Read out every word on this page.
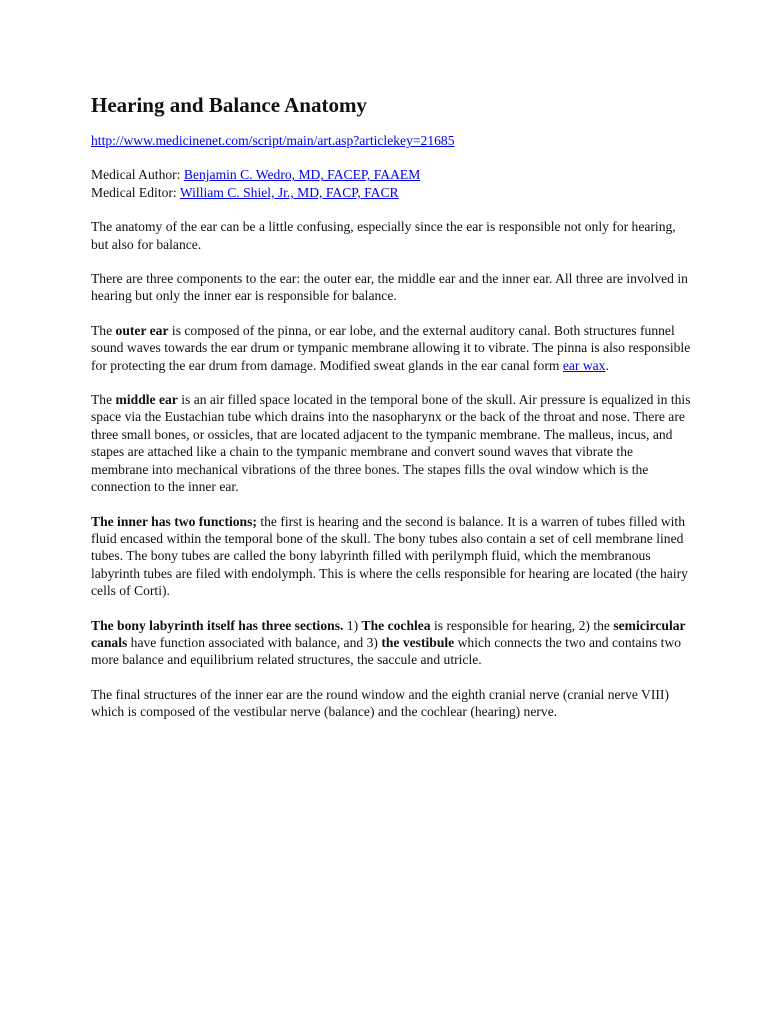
Hearing and Balance Anatomy
http://www.medicinenet.com/script/main/art.asp?articlekey=21685
Medical Author: Benjamin C. Wedro, MD, FACEP, FAAEM
Medical Editor: William C. Shiel, Jr., MD, FACP, FACR

The anatomy of the ear can be a little confusing, especially since the ear is responsible not only for hearing, but also for balance.

There are three components to the ear: the outer ear, the middle ear and the inner ear. All three are involved in hearing but only the inner ear is responsible for balance.

The outer ear is composed of the pinna, or ear lobe, and the external auditory canal. Both structures funnel sound waves towards the ear drum or tympanic membrane allowing it to vibrate. The pinna is also responsible for protecting the ear drum from damage. Modified sweat glands in the ear canal form ear wax.

The middle ear is an air filled space located in the temporal bone of the skull. Air pressure is equalized in this space via the Eustachian tube which drains into the nasopharynx or the back of the throat and nose. There are three small bones, or ossicles, that are located adjacent to the tympanic membrane. The malleus, incus, and stapes are attached like a chain to the tympanic membrane and convert sound waves that vibrate the membrane into mechanical vibrations of the three bones. The stapes fills the oval window which is the connection to the inner ear.

The inner has two functions; the first is hearing and the second is balance. It is a warren of tubes filled with fluid encased within the temporal bone of the skull. The bony tubes also contain a set of cell membrane lined tubes. The bony tubes are called the bony labyrinth filled with perilymph fluid, which the membranous labyrinth tubes are filed with endolymph. This is where the cells responsible for hearing are located (the hairy cells of Corti).

The bony labyrinth itself has three sections. 1) The cochlea is responsible for hearing, 2) the semicircular canals have function associated with balance, and 3) the vestibule which connects the two and contains two more balance and equilibrium related structures, the saccule and utricle.

The final structures of the inner ear are the round window and the eighth cranial nerve (cranial nerve VIII) which is composed of the vestibular nerve (balance) and the cochlear (hearing) nerve.
